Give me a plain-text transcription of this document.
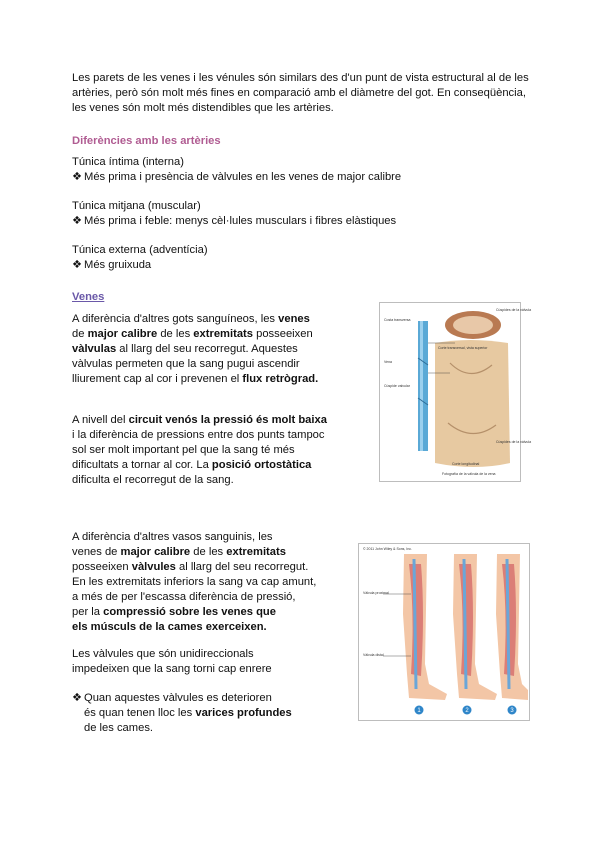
Les parets de les venes i les vénules són similars des d'un punt de vista estructural al de les artèries, però són molt més fines en comparació amb el diàmetre del got. En conseqüència, les venes són molt més distendibles que les artèries.

Diferències amb les artèries
Túnica íntima (interna)
❖ Més prima i presència de vàlvules en les venes de major calibre
Túnica mitjana (muscular)
❖ Més prima i feble: menys cèl·lules musculars i fibres elàstiques
Túnica externa (adventícia)
❖ Més gruixuda
Venes
A diferència d'altres gots sanguíneos, les venes
de major calibre de les extremitats posseeixen
vàlvulas al llarg del seu recorregut. Aquestes
vàlvulas permeten que la sang pugui ascendir
lliurement cap al cor i prevenen el flux retrògrad.
A nivell del circuit venós la pressió és molt baixa
i la diferència de pressions entre dos punts tampoc
sol ser molt important pel que la sang té més
dificultats a tornar al cor. La posició ortostàtica
dificulta el recorregut de la sang.
A diferència d'altres vasos sanguinis, les
venes de major calibre de les extremitats
posseeixen vàlvules al llarg del seu recorregut.
En les extremitats inferiors la sang va cap amunt,
a més de per l'escassa diferència de pressió,
per la compressió sobre les venes que
els músculs de la cames exerceixen.
Les vàlvules que són unidireccionals
impedeixen que la sang torni cap enrere
❖ Quan aquestes vàlvules es deterioren
és quan tenen lloc les varices profundes
de les cames.
Costa transversa
Vena
Cúspide valvular
Corte transversal, vista superior
Cúspides de la válvula
Cúspides de la válvula
Corte longitudinal
Fotografía de la válvula de la vena
© 2011 John Wiley & Sons, Inc.
Válvula proximal
Válvula distal
1	2	3
